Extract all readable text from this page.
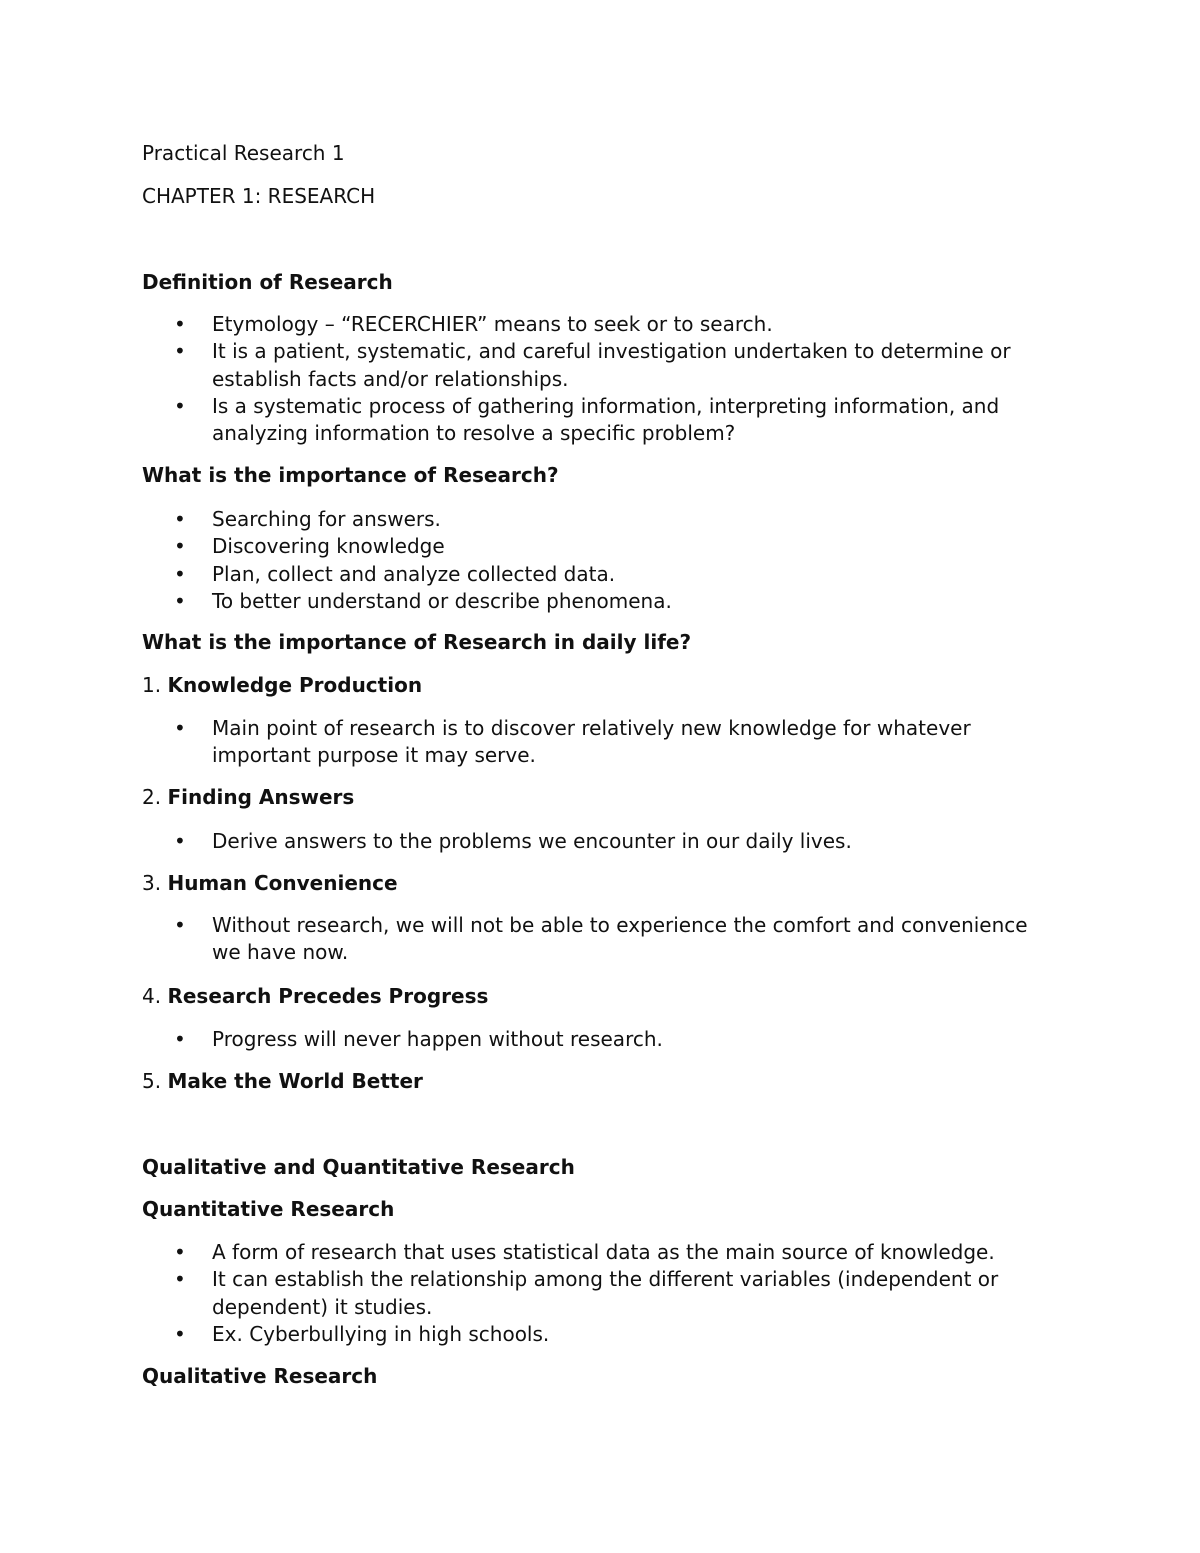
Practical Research 1
CHAPTER 1: RESEARCH
Definition of Research
• Etymology – “RECERCHIER” means to seek or to search.
• It is a patient, systematic, and careful investigation undertaken to determine or establish facts and/or relationships.
• Is a systematic process of gathering information, interpreting information, and analyzing information to resolve a specific problem?
What is the importance of Research?
• Searching for answers.
• Discovering knowledge
• Plan, collect and analyze collected data.
• To better understand or describe phenomena.
What is the importance of Research in daily life?
1. Knowledge Production
• Main point of research is to discover relatively new knowledge for whatever important purpose it may serve.
2. Finding Answers
• Derive answers to the problems we encounter in our daily lives.
3. Human Convenience
• Without research, we will not be able to experience the comfort and convenience we have now.
4. Research Precedes Progress
• Progress will never happen without research.
5. Make the World Better
Qualitative and Quantitative Research
Quantitative Research
• A form of research that uses statistical data as the main source of knowledge.
• It can establish the relationship among the different variables (independent or dependent) it studies.
• Ex. Cyberbullying in high schools.
Qualitative Research
